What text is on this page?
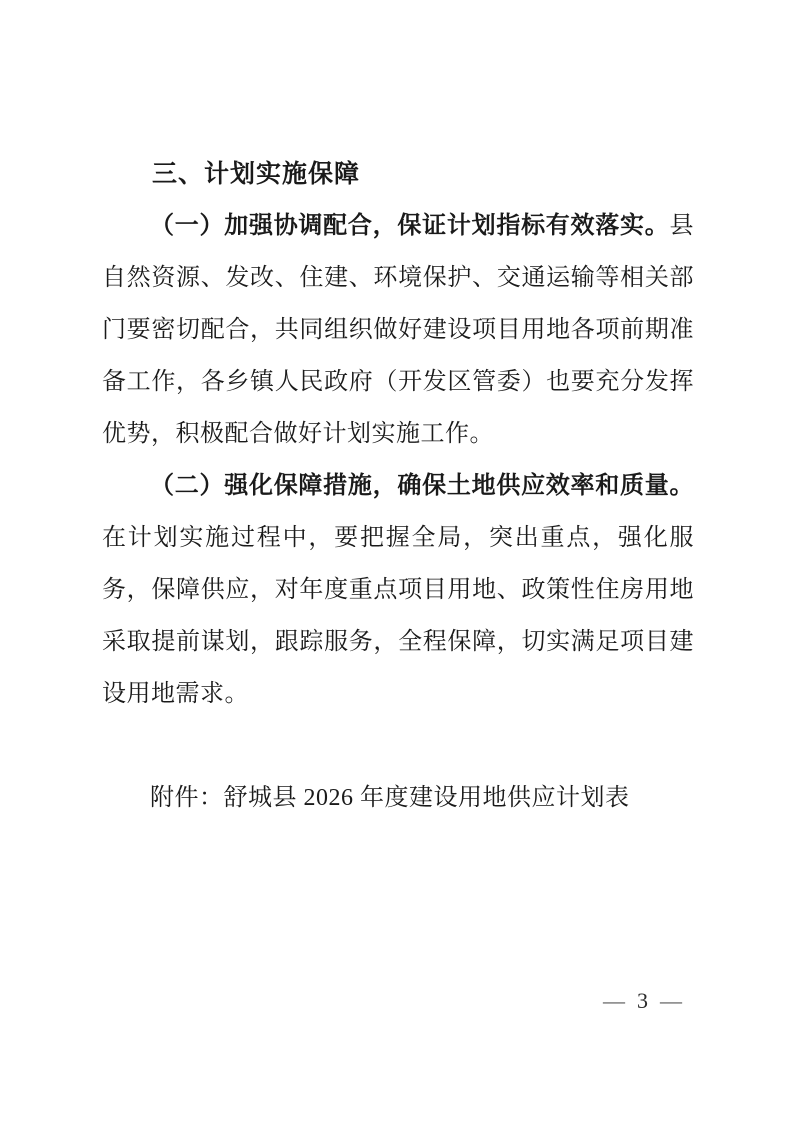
三、计划实施保障

（一）加强协调配合，保证计划指标有效落实。县自然资源、发改、住建、环境保护、交通运输等相关部门要密切配合，共同组织做好建设项目用地各项前期准备工作，各乡镇人民政府（开发区管委）也要充分发挥优势，积极配合做好计划实施工作。

（二）强化保障措施，确保土地供应效率和质量。在计划实施过程中，要把握全局，突出重点，强化服务，保障供应，对年度重点项目用地、政策性住房用地采取提前谋划，跟踪服务，全程保障，切实满足项目建设用地需求。

附件：舒城县 2026 年度建设用地供应计划表

— 3 —
